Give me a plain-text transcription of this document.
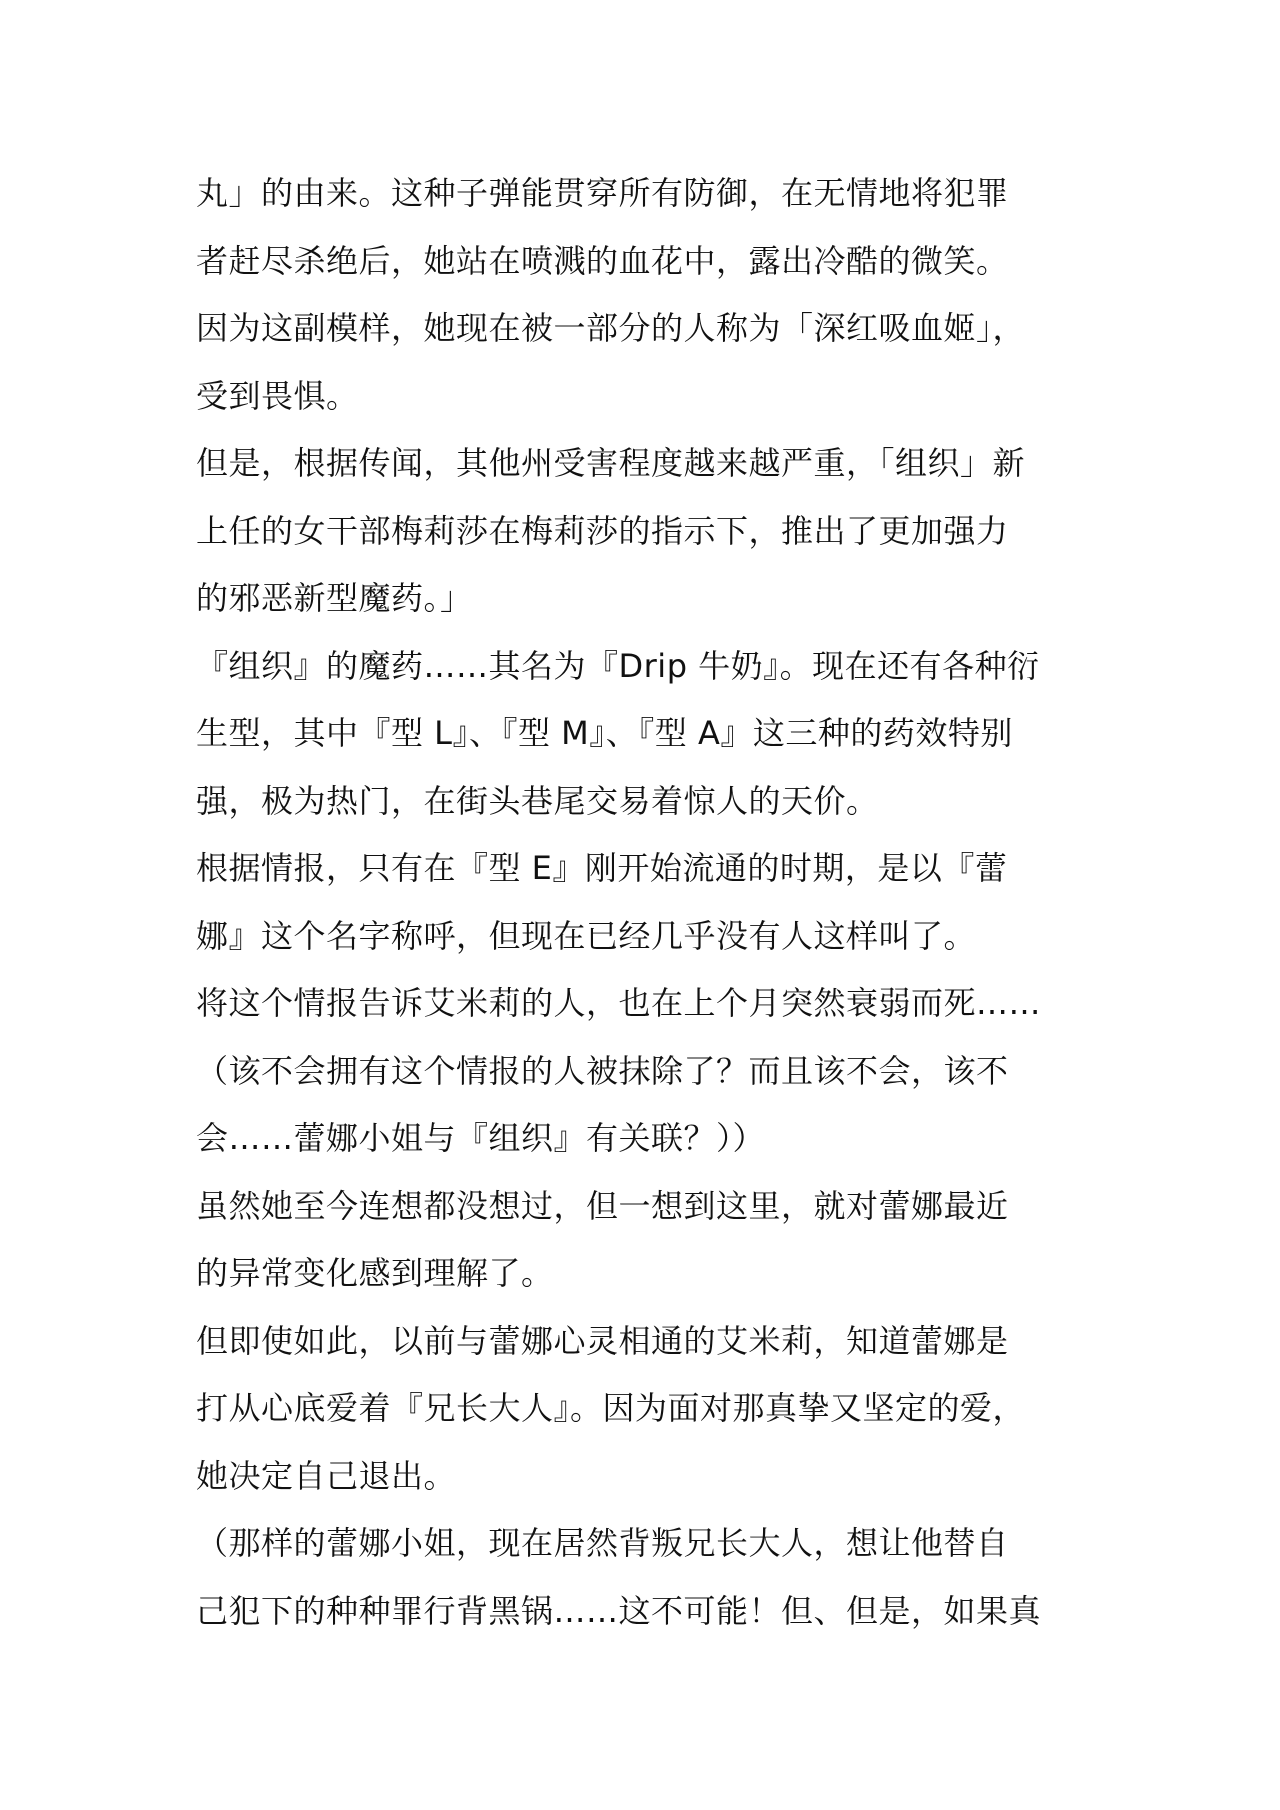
丸」的由来。这种子弹能贯穿所有防御，在无情地将犯罪
者赶尽杀绝后，她站在喷溅的血花中，露出冷酷的微笑。
因为这副模样，她现在被一部分的人称为「深红吸血姬」，
受到畏惧。
但是，根据传闻，其他州受害程度越来越严重，「组织」新
上任的女干部梅莉莎在梅莉莎的指示下，推出了更加强力
的邪恶新型魔药。」
『组织』的魔药……其名为『Drip 牛奶』。现在还有各种衍
生型，其中『型 L』、『型 M』、『型 A』这三种的药效特别
强，极为热门，在街头巷尾交易着惊人的天价。
根据情报，只有在『型 E』刚开始流通的时期，是以『蕾
娜』这个名字称呼，但现在已经几乎没有人这样叫了。
将这个情报告诉艾米莉的人，也在上个月突然衰弱而死……
（该不会拥有这个情报的人被抹除了？而且该不会，该不
会……蕾娜小姐与『组织』有关联？））
虽然她至今连想都没想过，但一想到这里，就对蕾娜最近
的异常变化感到理解了。
但即使如此，以前与蕾娜心灵相通的艾米莉，知道蕾娜是
打从心底爱着『兄长大人』。因为面对那真挚又坚定的爱，
她决定自己退出。
（那样的蕾娜小姐，现在居然背叛兄长大人，想让他替自
己犯下的种种罪行背黑锅……这不可能！但、但是，如果真
